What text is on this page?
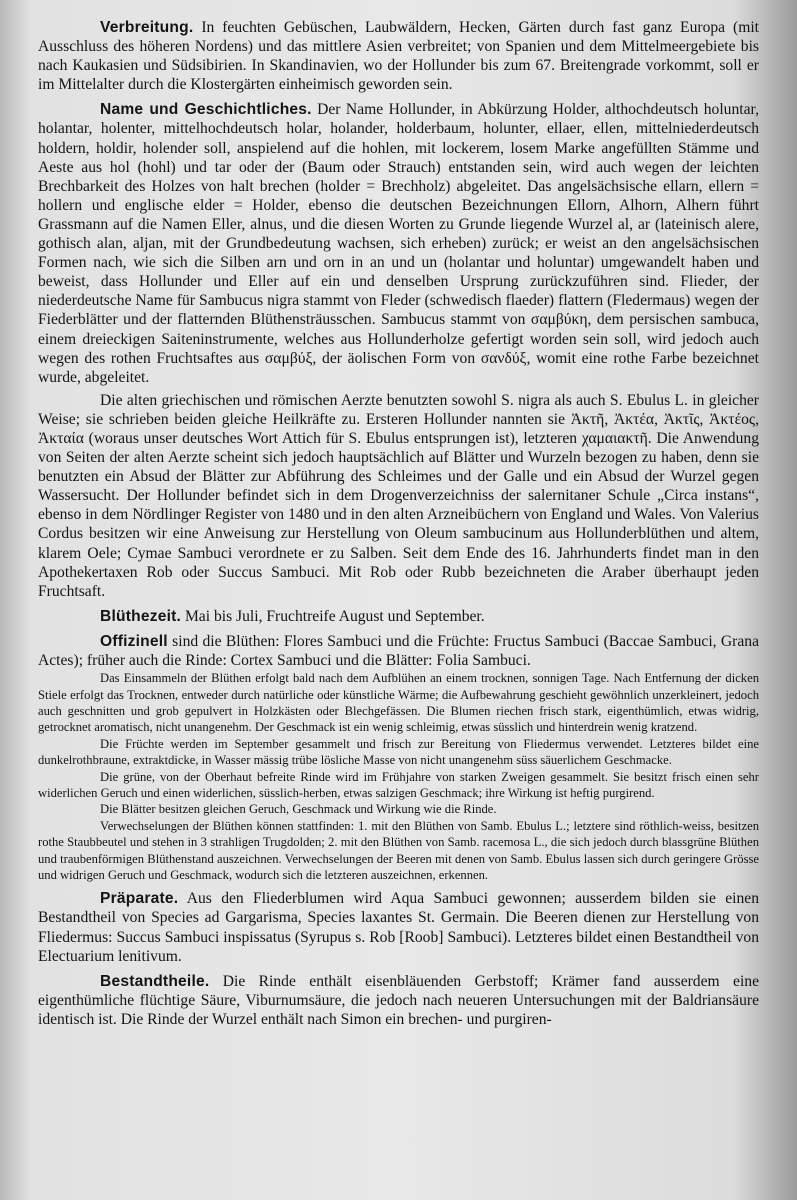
Verbreitung. In feuchten Gebüschen, Laubwäldern, Hecken, Gärten durch fast ganz Europa (mit Ausschluss des höheren Nordens) und das mittlere Asien verbreitet; von Spanien und dem Mittelmeergebiete bis nach Kaukasien und Südsibirien. In Skandinavien, wo der Hollunder bis zum 67. Breitengrade vorkommt, soll er im Mittelalter durch die Klostergärten einheimisch geworden sein.

Name und Geschichtliches. Der Name Hollunder, in Abkürzung Holder, althochdeutsch holuntar, holantar, holenter, mittelhochdeutsch holar, holander, holderbaum, holunter, ellaer, ellen, mittelniederdeutsch holdern, holdir, holender soll, anspielend auf die hohlen, mit lockerem, losem Marke angefüllten Stämme und Aeste aus hol (hohl) und tar oder der (Baum oder Strauch) entstanden sein, wird auch wegen der leichten Brechbarkeit des Holzes von halt brechen (holder = Brechholz) abgeleitet. Das angelsächsische ellarn, ellern = hollern und englische elder = Holder, ebenso die deutschen Bezeichnungen Ellorn, Alhorn, Alhern führt Grassmann auf die Namen Eller, alnus, und die diesen Worten zu Grunde liegende Wurzel al, ar (lateinisch alere, gothisch alan, aljan, mit der Grundbedeutung wachsen, sich erheben) zurück; er weist an den angelsächsischen Formen nach, wie sich die Silben arn und orn in an und un (holantar und holuntar) umgewandelt haben und beweist, dass Hollunder und Eller auf ein und denselben Ursprung zurückzuführen sind. Flieder, der niederdeutsche Name für Sambucus nigra stammt von Fleder (schwedisch flaeder) flattern (Fledermaus) wegen der Fiederblätter und der flatternden Blüthensträusschen. Sambucus stammt von σαμβύκη, dem persischen sambuca, einem dreieckigen Saiteninstrumente, welches aus Hollunderholze gefertigt worden sein soll, wird jedoch auch wegen des rothen Fruchtsaftes aus σαμβύξ, der äolischen Form von σανδύξ, womit eine rothe Farbe bezeichnet wurde, abgeleitet.

Die alten griechischen und römischen Aerzte benutzten sowohl S. nigra als auch S. Ebulus L. in gleicher Weise; sie schrieben beiden gleiche Heilkräfte zu. Ersteren Hollunder nannten sie Ἀκτῆ, Ἀκτέα, Ἀκτῖς, Ἀκτέος, Ἀκταία (woraus unser deutsches Wort Attich für S. Ebulus entsprungen ist), letzteren χαμαιακτῆ. Die Anwendung von Seiten der alten Aerzte scheint sich jedoch hauptsächlich auf Blätter und Wurzeln bezogen zu haben, denn sie benutzten ein Absud der Blätter zur Abführung des Schleimes und der Galle und ein Absud der Wurzel gegen Wassersucht. Der Hollunder befindet sich in dem Drogenverzeichniss der salernitaner Schule „Circa instans“, ebenso in dem Nördlinger Register von 1480 und in den alten Arzneibüchern von England und Wales. Von Valerius Cordus besitzen wir eine Anweisung zur Herstellung von Oleum sambucinum aus Hollunderblüthen und altem, klarem Oele; Cymae Sambuci verordnete er zu Salben. Seit dem Ende des 16. Jahrhunderts findet man in den Apothekertaxen Rob oder Succus Sambuci. Mit Rob oder Rubb bezeichneten die Araber überhaupt jeden Fruchtsaft.

Blüthezeit. Mai bis Juli, Fruchtreife August und September.

Offizinell sind die Blüthen: Flores Sambuci und die Früchte: Fructus Sambuci (Baccae Sambuci, Grana Actes); früher auch die Rinde: Cortex Sambuci und die Blätter: Folia Sambuci.

Das Einsammeln der Blüthen erfolgt bald nach dem Aufblühen an einem trocknen, sonnigen Tage. Nach Entfernung der dicken Stiele erfolgt das Trocknen, entweder durch natürliche oder künstliche Wärme; die Aufbewahrung geschieht gewöhnlich unzerkleinert, jedoch auch geschnitten und grob gepulvert in Holzkästen oder Blechgefässen. Die Blumen riechen frisch stark, eigenthümlich, etwas widrig, getrocknet aromatisch, nicht unangenehm. Der Geschmack ist ein wenig schleimig, etwas süsslich und hinterdrein wenig kratzend.

Die Früchte werden im September gesammelt und frisch zur Bereitung von Fliedermus verwendet. Letzteres bildet eine dunkelrothbraune, extraktdicke, in Wasser mässig trübe lösliche Masse von nicht unangenehm süss säuerlichem Geschmacke.

Die grüne, von der Oberhaut befreite Rinde wird im Frühjahre von starken Zweigen gesammelt. Sie besitzt frisch einen sehr widerlichen Geruch und einen widerlichen, süsslich-herben, etwas salzigen Geschmack; ihre Wirkung ist heftig purgirend.

Die Blätter besitzen gleichen Geruch, Geschmack und Wirkung wie die Rinde.

Verwechselungen der Blüthen können stattfinden: 1. mit den Blüthen von Samb. Ebulus L.; letztere sind röthlich-weiss, besitzen rothe Staubbeutel und stehen in 3 strahligen Trugdolden; 2. mit den Blüthen von Samb. racemosa L., die sich jedoch durch blassgrüne Blüthen und traubenförmigen Blüthenstand auszeichnen. Verwechselungen der Beeren mit denen von Samb. Ebulus lassen sich durch geringere Grösse und widrigen Geruch und Geschmack, wodurch sich die letzteren auszeichnen, erkennen.

Präparate. Aus den Fliederblumen wird Aqua Sambuci gewonnen; ausserdem bilden sie einen Bestandtheil von Species ad Gargarisma, Species laxantes St. Germain. Die Beeren dienen zur Herstellung von Fliedermus: Succus Sambuci inspissatus (Syrupus s. Rob [Roob] Sambuci). Letzteres bildet einen Bestandtheil von Electuarium lenitivum.

Bestandtheile. Die Rinde enthält eisenbläuenden Gerbstoff; Krämer fand ausserdem eine eigenthümliche flüchtige Säure, Viburnumsäure, die jedoch nach neueren Untersuchungen mit der Baldriansäure identisch ist. Die Rinde der Wurzel enthält nach Simon ein brechen- und purgiren-
